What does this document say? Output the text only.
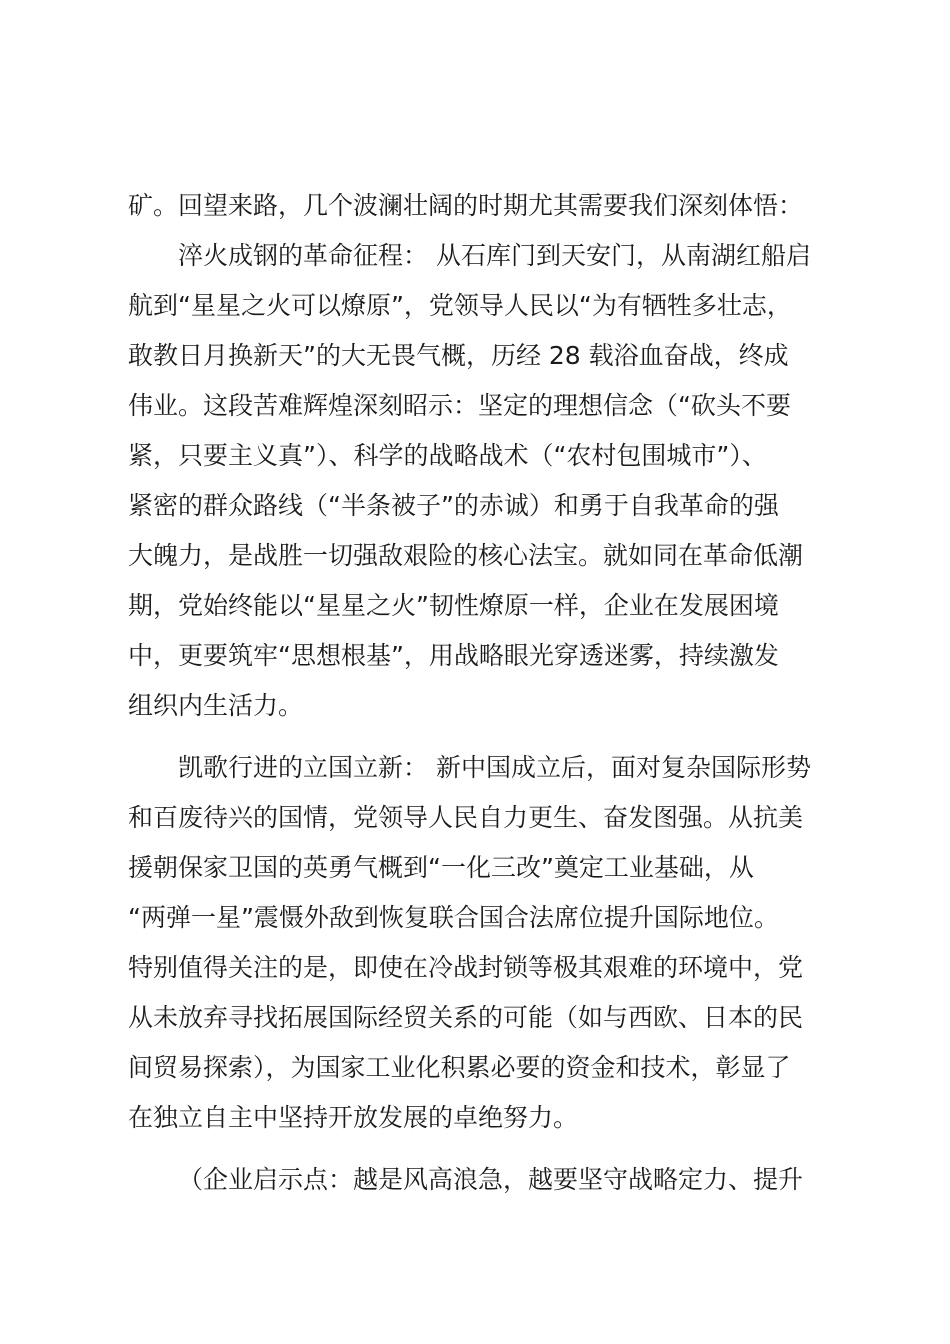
矿。回望来路，几个波澜壮阔的时期尤其需要我们深刻体悟：
淬火成钢的革命征程： 从石库门到天安门，从南湖红船启
航到“星星之火可以燎原”，党领导人民以“为有牺牲多壮志，
敢教日月换新天”的大无畏气概，历经 28 载浴血奋战，终成
伟业。这段苦难辉煌深刻昭示：坚定的理想信念（“砍头不要
紧，只要主义真”）、科学的战略战术（“农村包围城市”）、
紧密的群众路线（“半条被子”的赤诚）和勇于自我革命的强
大魄力，是战胜一切强敌艰险的核心法宝。就如同在革命低潮
期，党始终能以“星星之火”韧性燎原一样，企业在发展困境
中，更要筑牢“思想根基”，用战略眼光穿透迷雾，持续激发
组织内生活力。
凯歌行进的立国立新： 新中国成立后，面对复杂国际形势
和百废待兴的国情，党领导人民自力更生、奋发图强。从抗美
援朝保家卫国的英勇气概到“一化三改”奠定工业基础，从
“两弹一星”震慑外敌到恢复联合国合法席位提升国际地位。
特别值得关注的是，即使在冷战封锁等极其艰难的环境中，党
从未放弃寻找拓展国际经贸关系的可能（如与西欧、日本的民
间贸易探索），为国家工业化积累必要的资金和技术，彰显了
在独立自主中坚持开放发展的卓绝努力。
（企业启示点：越是风高浪急，越要坚守战略定力、提升
